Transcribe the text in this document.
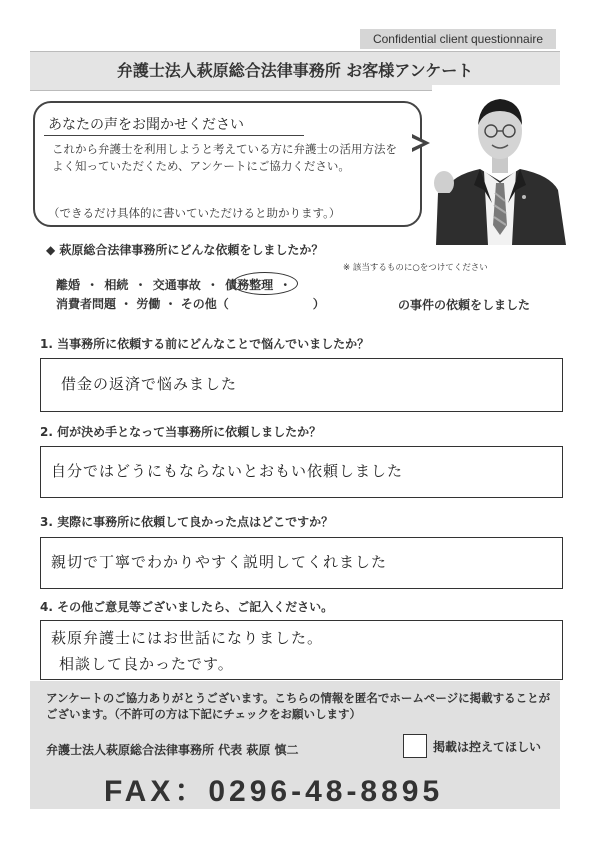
Confidential client questionnaire
弁護士法人萩原総合法律事務所 お客様アンケート
あなたの声をお聞かせください
これから弁護士を利用しようと考えている方に弁護士の活用方法をよく知っていただくため、アンケートにご協力ください。
（できるだけ具体的に書いていただけると助かります。）
◆ 萩原総合法律事務所にどんな依頼をしましたか？
※ 該当するものに○をつけてください
離婚 ・ 相続 ・ 交通事故 ・ 債務整理 ・
消費者問題 ・ 労働 ・ その他（　　　　　　　）	の事件の依頼をしました
1. 当事務所に依頼する前にどんなことで悩んでいましたか？
借金の返済で悩みました
2. 何が決め手となって当事務所に依頼しましたか？
自分ではどうにもならないとおもい依頼しました
3. 実際に事務所に依頼して良かった点はどこですか？
親切で丁寧でわかりやすく説明してくれました
4. その他ご意見等ございましたら、ご記入ください。
萩原弁護士にはお世話になりました。
相談して良かったです。
アンケートのご協力ありがとうございます。こちらの情報を匿名でホームページに掲載することがございます。（不許可の方は下記にチェックをお願いします）
弁護士法人萩原総合法律事務所 代表 萩原 慎二	掲載は控えてほしい
FAX：0296-48-8895
